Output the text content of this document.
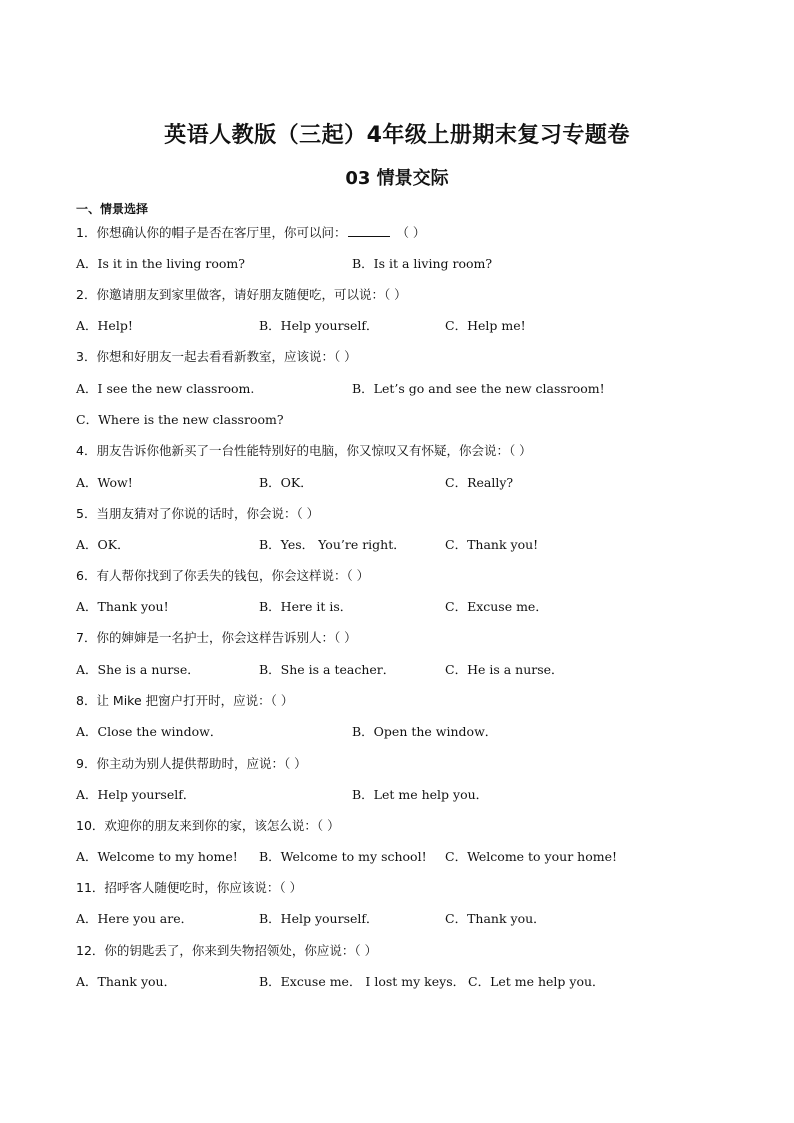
英语人教版（三起）4年级上册期末复习专题卷
03 情景交际
一、情景选择
1．你想确认你的帽子是否在客厅里，你可以问：	（ ）
A．Is it in the living room?	B．Is it a living room?
2．你邀请朋友到家里做客，请好朋友随便吃，可以说：（ ）
A．Help!	B．Help yourself．	C．Help me!
3．你想和好朋友一起去看看新教室，应该说：（ ）
A．I see the new classroom.	B．Let’s go and see the new classroom!
C．Where is the new classroom?
4．朋友告诉你他新买了一台性能特别好的电脑，你又惊叹又有怀疑，你会说：（ ）
A．Wow!	B．OK．	C．Really?
5．当朋友猜对了你说的话时，你会说：（ ）
A．OK．	B．Yes． You’re right．	C．Thank you!
6．有人帮你找到了你丢失的钱包，你会这样说：（ ）
A．Thank you!	B．Here it is．	C．Excuse me．
7．你的婶婶是一名护士，你会这样告诉别人：（ ）
A．She is a nurse．	B．She is a teacher．	C．He is a nurse．
8．让 Mike 把窗户打开时，应说：（ ）
A．Close the window．	B．Open the window．
9．你主动为别人提供帮助时，应说：（ ）
A．Help yourself．	B．Let me help you．
10．欢迎你的朋友来到你的家，该怎么说：（ ）
A．Welcome to my home! B．Welcome to my school! C．Welcome to your home!
11．招呼客人随便吃时，你应该说：（ ）
A．Here you are．	B．Help yourself．	C．Thank you．
12．你的钥匙丢了，你来到失物招领处，你应说：（ ）
A．Thank you．	B．Excuse me． I lost my keys． C．Let me help you．
